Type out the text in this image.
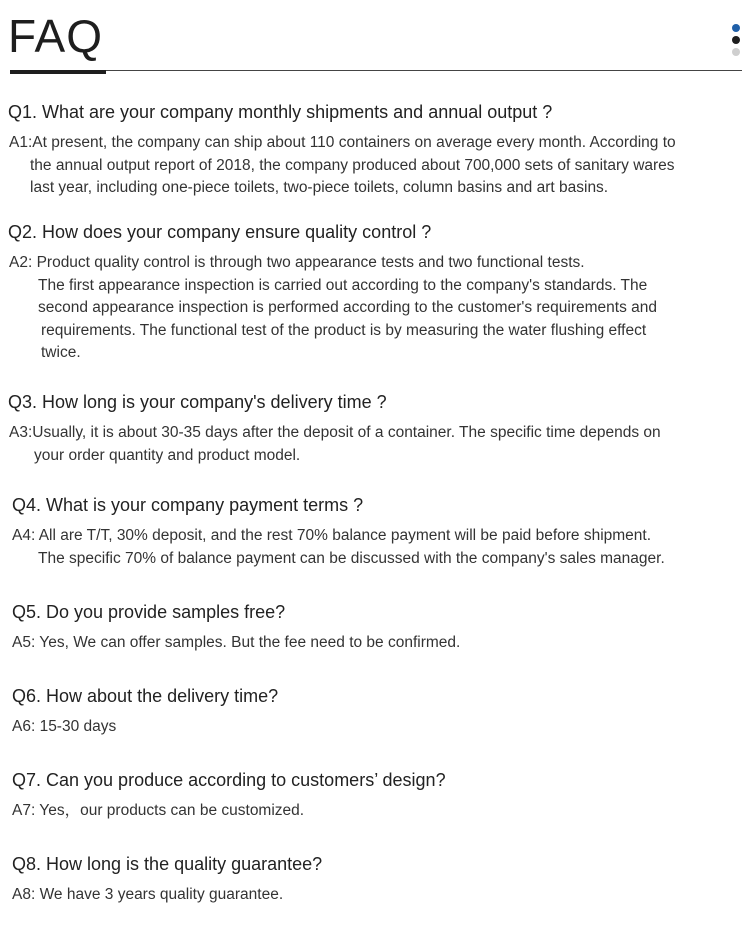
FAQ
Q1. What are your company monthly shipments and annual output ?
A1:At present, the company can ship about 110 containers on average every month. According to
the annual output report of 2018, the company produced about 700,000 sets of sanitary wares
last year, including one-piece toilets, two-piece toilets, column basins and art basins.
Q2. How does your company ensure quality control ?
A2: Product quality control is through two appearance tests and two functional tests.
The first appearance inspection is carried out according to the company's standards. The
second appearance inspection is performed according to the customer's requirements and
requirements. The functional test of the product is by measuring the water flushing effect
twice.
Q3. How long is your company's delivery time ?
A3:Usually, it is about 30-35 days after the deposit of a container. The specific time depends on
your order quantity and product model.
Q4. What is your company payment terms ?
A4: All are T/T, 30% deposit, and the rest 70% balance payment will be paid before shipment.
The specific 70% of balance payment can be discussed with the company's sales manager.
Q5. Do you provide samples free?
A5: Yes, We can offer samples. But the fee need to be confirmed.
Q6. How about the delivery time?
A6: 15-30 days
Q7. Can you produce according to customers’ design?
A7: Yes，our products can be customized.
Q8. How long is the quality guarantee?
A8: We have 3 years quality guarantee.
